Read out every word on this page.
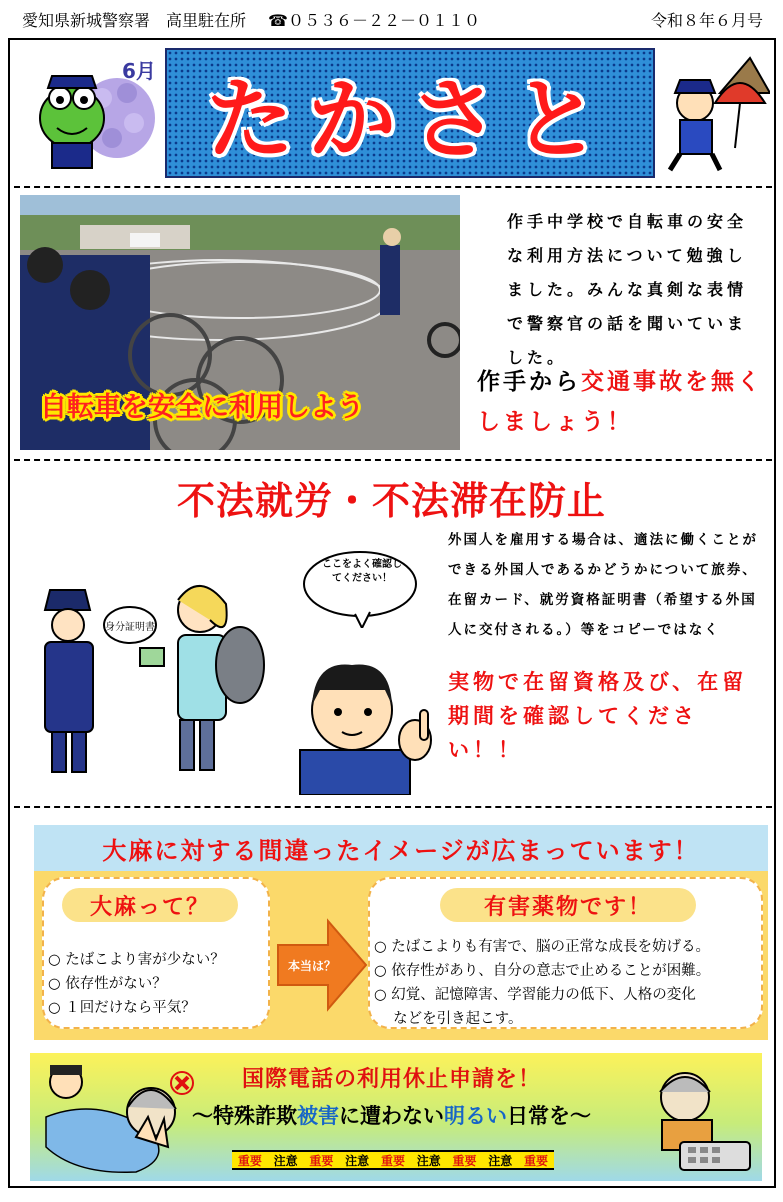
愛知県新城警察署　高里駐在所 ☎０５３６－２２－０１１０	令和８年６月号
6月 たかさと
自転車を安全に利用しよう
作手中学校で自転車の安全な利用方法について勉強しました。みんな真剣な表情で警察官の話を聞いていました。
作手から交通事故を無くしましょう！
不法就労・不法滞在防止
身分証明書
ここをよく確認してください！
外国人を雇用する場合は、適法に働くことができる外国人であるかどうかについて旅券、在留カード、就労資格証明書（希望する外国人に交付される。）等をコピーではなく
実物で在留資格及び、在留期間を確認してください！！
大麻に対する間違ったイメージが広まっています！
大麻って？
○ たばこより害が少ない？
○ 依存性がない？
○ １回だけなら平気？
本当は？
有害薬物です！
○ たばこよりも有害で、脳の正常な成長を妨げる。
○ 依存性があり、自分の意志で止めることが困難。
○ 幻覚、記憶障害、学習能力の低下、人格の変化
　 などを引き起こす。
国際電話の利用休止申請を！
～特殊詐欺被害に遭わない明るい日常を～
重要 注意 重要 注意 重要 注意 重要 注意 重要
